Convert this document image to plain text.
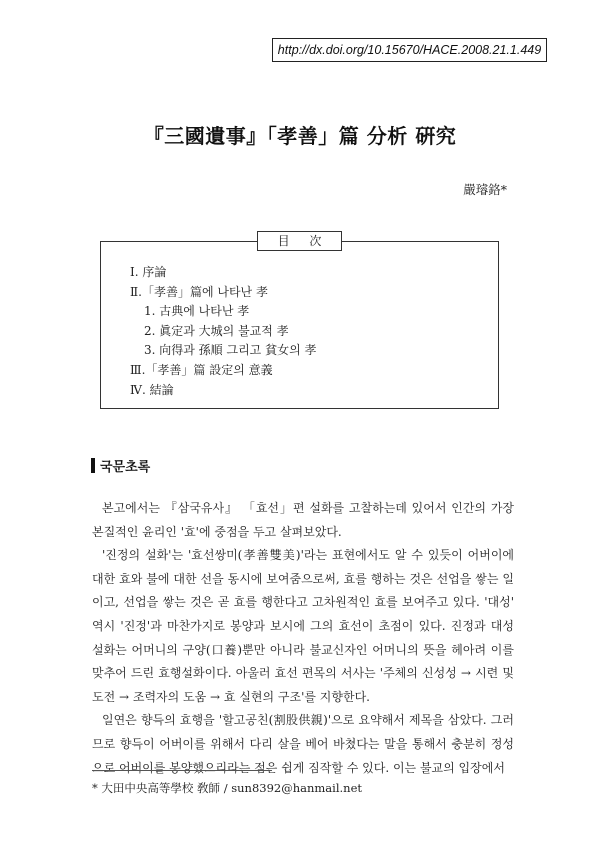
http://dx.doi.org/10.15670/HACE.2008.21.1.449
『三國遺事』「孝善」篇 分析 硏究
嚴璿鉻*
目 次
Ⅰ. 序論
Ⅱ.「孝善」篇에 나타난 孝
1. 古典에 나타난 孝
2. 眞定과 大城의 불교적 孝
3. 向得과 孫順 그리고 貧女의 孝
Ⅲ.「孝善」篇 設定의 意義
Ⅳ. 結論
국문초록

본고에서는 『삼국유사』 「효선」편 설화를 고찰하는데 있어서 인간의 가장 본질적인 윤리인 '효'에 중점을 두고 살펴보았다.

'진정의 설화'는 '효선쌍미(孝善雙美)'라는 표현에서도 알 수 있듯이 어버이에 대한 효와 불에 대한 선을 동시에 보여줌으로써, 효를 행하는 것은 선업을 쌓는 일이고, 선업을 쌓는 것은 곧 효를 행한다고 고차원적인 효를 보여주고 있다. '대성' 역시 '진정'과 마찬가지로 봉양과 보시에 그의 효선이 초점이 있다. 진정과 대성 설화는 어머니의 구양(口養)뿐만 아니라 불교신자인 어머니의 뜻을 헤아려 이를 맞추어 드린 효행설화이다. 아울러 효선 편목의 서사는 '주체의 신성성 → 시련 및 도전 → 조력자의 도움 → 효 실현의 구조'를 지향한다.

일연은 향득의 효행을 '할고공친(割股供親)'으로 요약해서 제목을 삼았다. 그러므로 향득이 어버이를 위해서 다리 살을 베어 바쳤다는 말을 통해서 충분히 정성으로 어버이를 봉양했으리라는 점은 쉽게 짐작할 수 있다. 이는 불교의 입장에서

* 大田中央高等學校 敎師 / sun8392@hanmail.net
